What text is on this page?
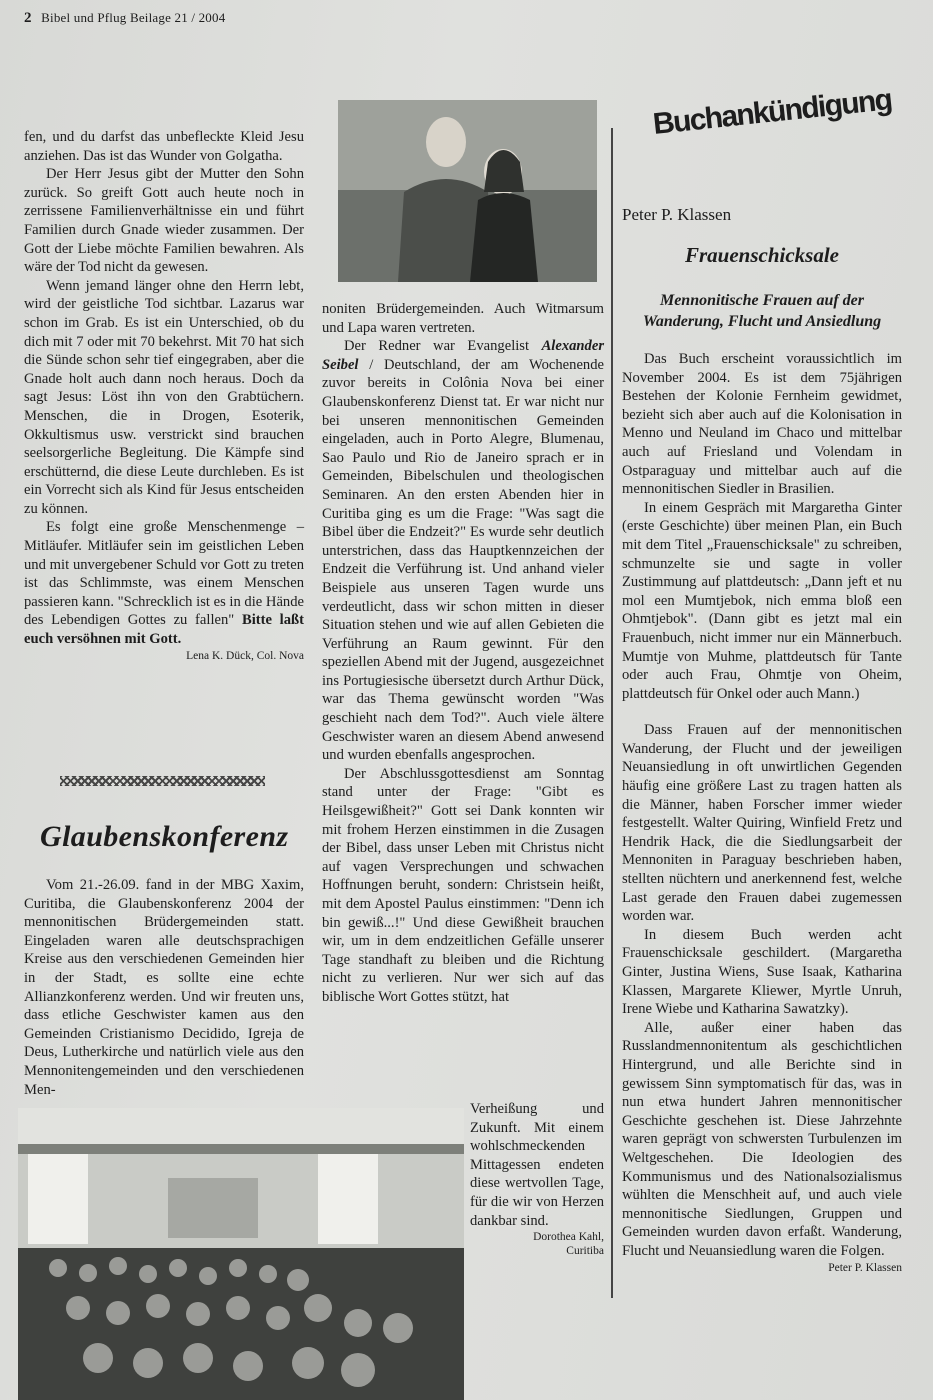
2 Bibel und Pflug Beilage 21 / 2004

fen, und du darfst das unbefleckte Kleid Jesu anziehen. Das ist das Wunder von Golgatha.

Der Herr Jesus gibt der Mutter den Sohn zurück. So greift Gott auch heute noch in zerrissene Familienverhältnisse ein und führt Familien durch Gnade wieder zusammen. Der Gott der Liebe möchte Familien bewahren. Als wäre der Tod nicht da gewesen.

Wenn jemand länger ohne den Herrn lebt, wird der geistliche Tod sichtbar. Lazarus war schon im Grab. Es ist ein Unterschied, ob du dich mit 7 oder mit 70 bekehrst. Mit 70 hat sich die Sünde schon sehr tief eingegraben, aber die Gnade holt auch dann noch heraus. Doch da sagt Jesus: Löst ihn von den Grabtüchern. Menschen, die in Drogen, Esoterik, Okkultismus usw. verstrickt sind brauchen seelsorgerliche Begleitung. Die Kämpfe sind erschütternd, die diese Leute durchleben. Es ist ein Vorrecht sich als Kind für Jesus entscheiden zu können.

Es folgt eine große Menschenmenge – Mitläufer. Mitläufer sein im geistlichen Leben und mit unvergebener Schuld vor Gott zu treten ist das Schlimmste, was einem Menschen passieren kann. "Schrecklich ist es in die Hände des Lebendigen Gottes zu fallen" Bitte laßt euch versöhnen mit Gott.

Lena K. Dück, Col. Nova

Glaubenskonferenz

Vom 21.-26.09. fand in der MBG Xaxim, Curitiba, die Glaubenskonferenz 2004 der mennonitischen Brüdergemeinden statt. Eingeladen waren alle deutschsprachigen Kreise aus den verschiedenen Gemeinden hier in der Stadt, es sollte eine echte Allianzkonferenz werden. Und wir freuten uns, dass etliche Geschwister kamen aus den Gemeinden Cristianismo Decidido, Igreja de Deus, Lutherkirche und natürlich viele aus den Mennonitengemeinden und den verschiedenen Men-

noniten Brüdergemeinden. Auch Witmarsum und Lapa waren vertreten.

Der Redner war Evangelist Alexander Seibel / Deutschland, der am Wochenende zuvor bereits in Colônia Nova bei einer Glaubenskonferenz Dienst tat. Er war nicht nur bei unseren mennonitischen Gemeinden eingeladen, auch in Porto Alegre, Blumenau, Sao Paulo und Rio de Janeiro sprach er in Gemeinden, Bibelschulen und theologischen Seminaren. An den ersten Abenden hier in Curitiba ging es um die Frage: "Was sagt die Bibel über die Endzeit?" Es wurde sehr deutlich unterstrichen, dass das Hauptkennzeichen der Endzeit die Verführung ist. Und anhand vieler Beispiele aus unseren Tagen wurde uns verdeutlicht, dass wir schon mitten in dieser Situation stehen und wie auf allen Gebieten die Verführung an Raum gewinnt. Für den speziellen Abend mit der Jugend, ausgezeichnet ins Portugiesische übersetzt durch Arthur Dück, war das Thema gewünscht worden "Was geschieht nach dem Tod?". Auch viele ältere Geschwister waren an diesem Abend anwesend und wurden ebenfalls angesprochen.

Der Abschlussgottesdienst am Sonntag stand unter der Frage: "Gibt es Heilsgewißheit?" Gott sei Dank konnten wir mit frohem Herzen einstimmen in die Zusagen der Bibel, dass unser Leben mit Christus nicht auf vagen Versprechungen und schwachen Hoffnungen beruht, sondern: Christsein heißt, mit dem Apostel Paulus einstimmen: "Denn ich bin gewiß...!" Und diese Gewißheit brauchen wir, um in dem endzeitlichen Gefälle unserer Tage standhaft zu bleiben und die Richtung nicht zu verlieren. Nur wer sich auf das biblische Wort Gottes stützt, hat

Verheißung und Zukunft. Mit einem wohlschmeckenden Mittagessen endeten diese wertvollen Tage, für die wir von Herzen dankbar sind.

Dorothea Kahl,
Curitiba

Buchankündigung
Peter P. Klassen
Frauenschicksale
Mennonitische Frauen auf der Wanderung, Flucht und Ansiedlung

Das Buch erscheint voraussichtlich im November 2004. Es ist dem 75jährigen Bestehen der Kolonie Fernheim gewidmet, bezieht sich aber auch auf die Kolonisation in Menno und Neuland im Chaco und mittelbar auch auf Friesland und Volendam in Ostparaguay und mittelbar auch auf die mennonitischen Siedler in Brasilien.

In einem Gespräch mit Margaretha Ginter (erste Geschichte) über meinen Plan, ein Buch mit dem Titel „Frauenschicksale" zu schreiben, schmunzelte sie und sagte in voller Zustimmung auf plattdeutsch: „Dann jeft et nu mol een Mumtjebok, nich emma bloß een Ohmtjebok". (Dann gibt es jetzt mal ein Frauenbuch, nicht immer nur ein Männerbuch. Mumtje von Muhme, plattdeutsch für Tante oder auch Frau, Ohmtje von Oheim, plattdeutsch für Onkel oder auch Mann.)

Dass Frauen auf der mennonitischen Wanderung, der Flucht und der jeweiligen Neuansiedlung in oft unwirtlichen Gegenden häufig eine größere Last zu tragen hatten als die Männer, haben Forscher immer wieder festgestellt. Walter Quiring, Winfield Fretz und Hendrik Hack, die die Siedlungsarbeit der Mennoniten in Paraguay beschrieben haben, stellten nüchtern und anerkennend fest, welche Last gerade den Frauen dabei zugemessen worden war.

In diesem Buch werden acht Frauenschicksale geschildert. (Margaretha Ginter, Justina Wiens, Suse Isaak, Katharina Klassen, Margarete Kliewer, Myrtle Unruh, Irene Wiebe und Katharina Sawatzky).

Alle, außer einer haben das Russlandmennonitentum als geschichtlichen Hintergrund, und alle Berichte sind in gewissem Sinn symptomatisch für das, was in nun etwa hundert Jahren mennonitischer Geschichte geschehen ist. Diese Jahrzehnte waren geprägt von schwersten Turbulenzen im Weltgeschehen. Die Ideologien des Kommunismus und des Nationalsozialismus wühlten die Menschheit auf, und auch viele mennonitische Siedlungen, Gruppen und Gemeinden wurden davon erfaßt. Wanderung, Flucht und Neuansiedlung waren die Folgen.

Peter P. Klassen
